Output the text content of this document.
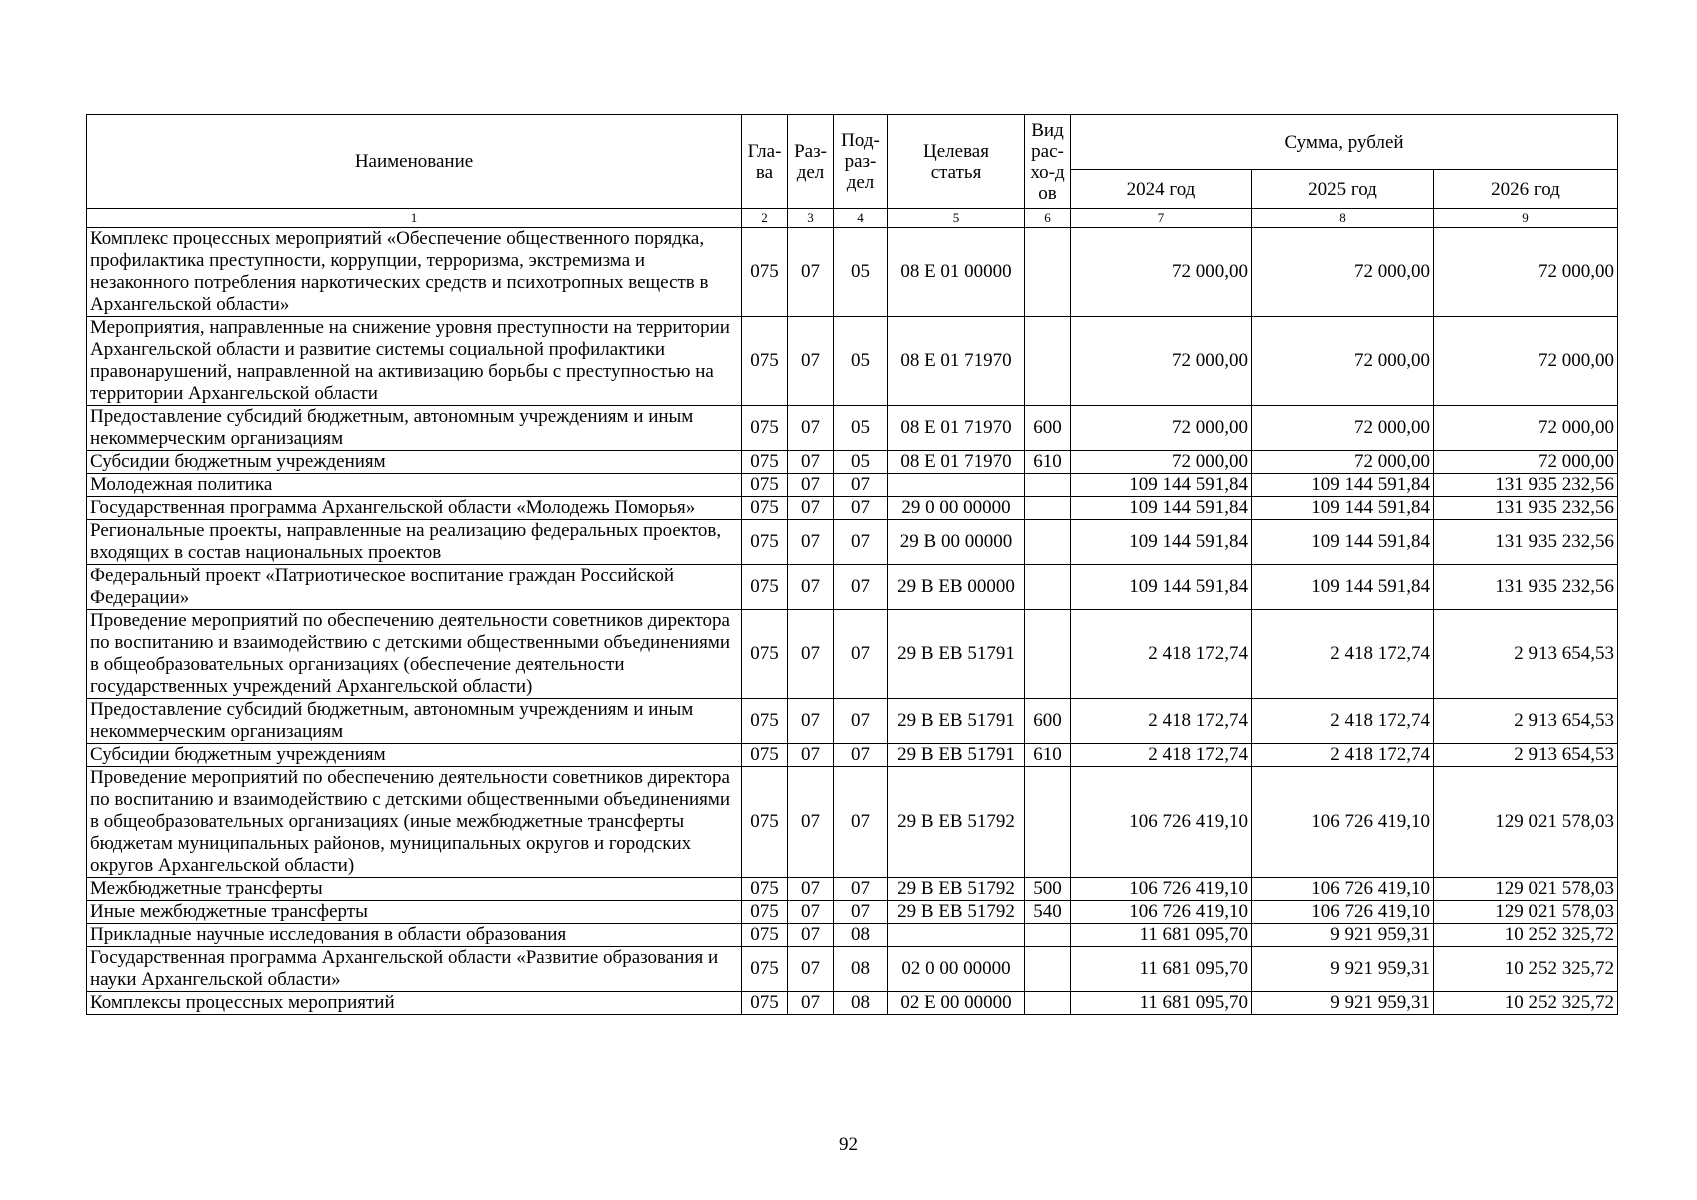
Наименование	Гла-ва	Раз-дел	Под-раз-дел	Целевая статья	Вид рас-хо-дов	Сумма, рублей		
						2024 год	2025 год	2026 год
1	2	3	4	5	6	7	8	9
Комплекс процессных мероприятий «Обеспечение общественного порядка, профилактика преступности, коррупции, терроризма, экстремизма и незаконного потребления наркотических средств и психотропных веществ в Архангельской области»	075	07	05	08 Е 01 00000		72 000,00	72 000,00	72 000,00
Мероприятия, направленные на снижение уровня преступности на территории Архангельской области и развитие системы социальной профилактики правонарушений, направленной на активизацию борьбы с преступностью на территории Архангельской области	075	07	05	08 Е 01 71970		72 000,00	72 000,00	72 000,00
Предоставление субсидий бюджетным, автономным учреждениям и иным некоммерческим организациям	075	07	05	08 Е 01 71970	600	72 000,00	72 000,00	72 000,00
Субсидии бюджетным учреждениям	075	07	05	08 Е 01 71970	610	72 000,00	72 000,00	72 000,00
Молодежная политика	075	07	07			109 144 591,84	109 144 591,84	131 935 232,56
Государственная программа Архангельской области «Молодежь Поморья»	075	07	07	29 0 00 00000		109 144 591,84	109 144 591,84	131 935 232,56
Региональные проекты, направленные на реализацию федеральных проектов, входящих в состав национальных проектов	075	07	07	29 В 00 00000		109 144 591,84	109 144 591,84	131 935 232,56
Федеральный проект «Патриотическое воспитание граждан Российской Федерации»	075	07	07	29 В ЕВ 00000		109 144 591,84	109 144 591,84	131 935 232,56
Проведение мероприятий по обеспечению деятельности советников директора по воспитанию и взаимодействию с детскими общественными объединениями в общеобразовательных организациях (обеспечение деятельности государственных учреждений Архангельской области)	075	07	07	29 В ЕВ 51791		2 418 172,74	2 418 172,74	2 913 654,53
Предоставление субсидий бюджетным, автономным учреждениям и иным некоммерческим организациям	075	07	07	29 В ЕВ 51791	600	2 418 172,74	2 418 172,74	2 913 654,53
Субсидии бюджетным учреждениям	075	07	07	29 В ЕВ 51791	610	2 418 172,74	2 418 172,74	2 913 654,53
Проведение мероприятий по обеспечению деятельности советников директора по воспитанию и взаимодействию с детскими общественными объединениями в общеобразовательных организациях (иные межбюджетные трансферты бюджетам муниципальных районов, муниципальных округов и городских округов Архангельской области)	075	07	07	29 В ЕВ 51792		106 726 419,10	106 726 419,10	129 021 578,03
Межбюджетные трансферты	075	07	07	29 В ЕВ 51792	500	106 726 419,10	106 726 419,10	129 021 578,03
Иные межбюджетные трансферты	075	07	07	29 В ЕВ 51792	540	106 726 419,10	106 726 419,10	129 021 578,03
Прикладные научные исследования в области образования	075	07	08			11 681 095,70	9 921 959,31	10 252 325,72
Государственная программа Архангельской области «Развитие образования и науки Архангельской области»	075	07	08	02 0 00 00000		11 681 095,70	9 921 959,31	10 252 325,72
Комплексы процессных мероприятий	075	07	08	02 Е 00 00000		11 681 095,70	9 921 959,31	10 252 325,72
92
